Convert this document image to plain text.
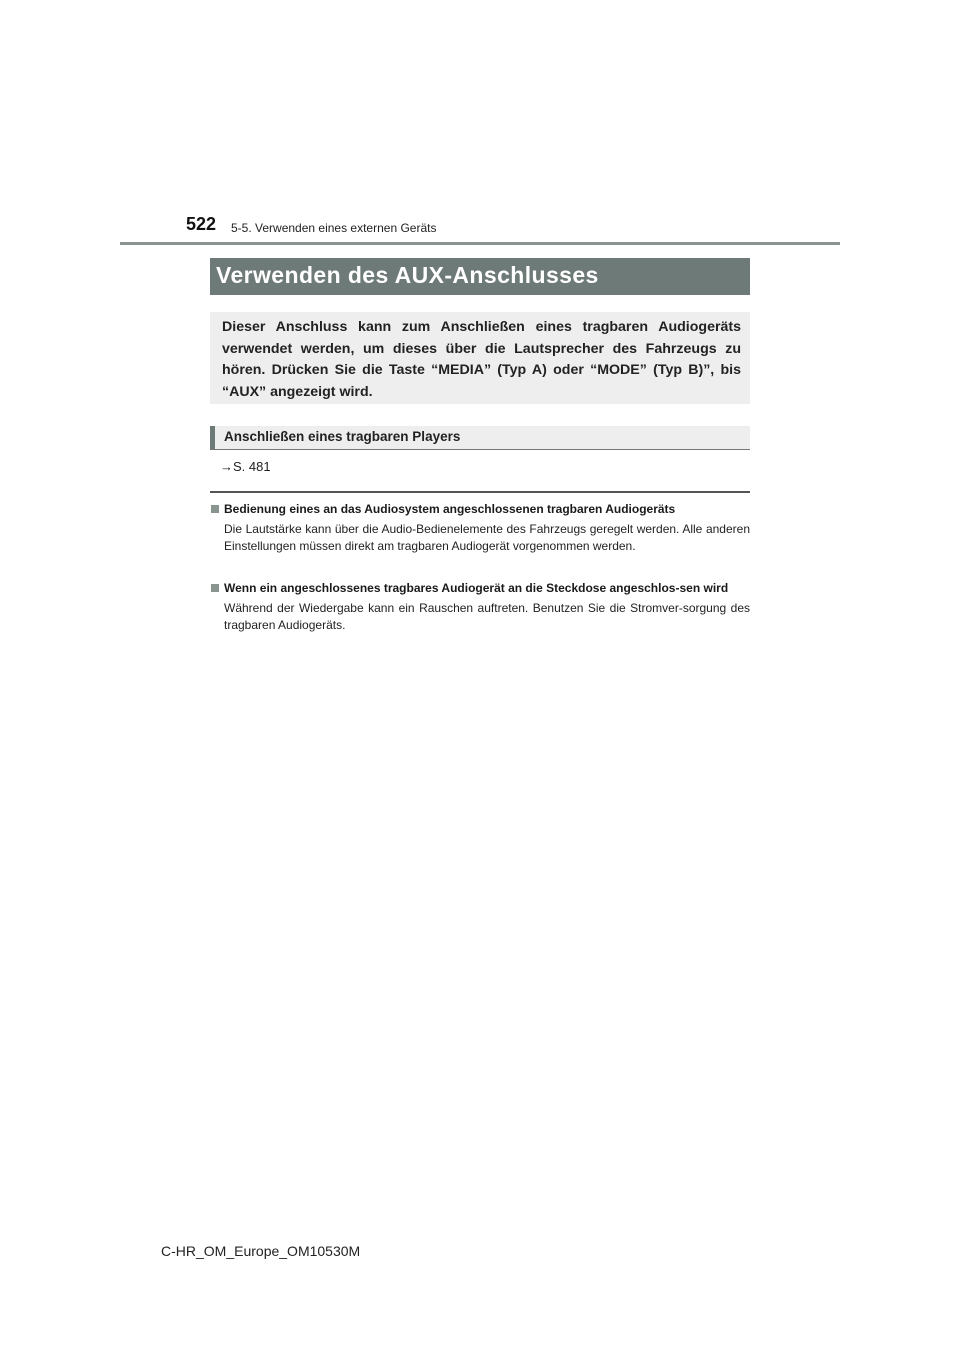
522 5-5. Verwenden eines externen Geräts
Verwenden des AUX-Anschlusses
Dieser Anschluss kann zum Anschließen eines tragbaren Audiogeräts verwendet werden, um dieses über die Lautsprecher des Fahrzeugs zu hören. Drücken Sie die Taste “MEDIA” (Typ A) oder “MODE” (Typ B)”, bis “AUX” angezeigt wird.
Anschließen eines tragbaren Players
→S. 481
Bedienung eines an das Audiosystem angeschlossenen tragbaren Audiogeräts
Die Lautstärke kann über die Audio-Bedienelemente des Fahrzeugs geregelt werden. Alle anderen Einstellungen müssen direkt am tragbaren Audiogerät vorgenommen werden.
Wenn ein angeschlossenes tragbares Audiogerät an die Steckdose angeschlos-sen wird
Während der Wiedergabe kann ein Rauschen auftreten. Benutzen Sie die Stromver-sorgung des tragbaren Audiogeräts.
C-HR_OM_Europe_OM10530M
